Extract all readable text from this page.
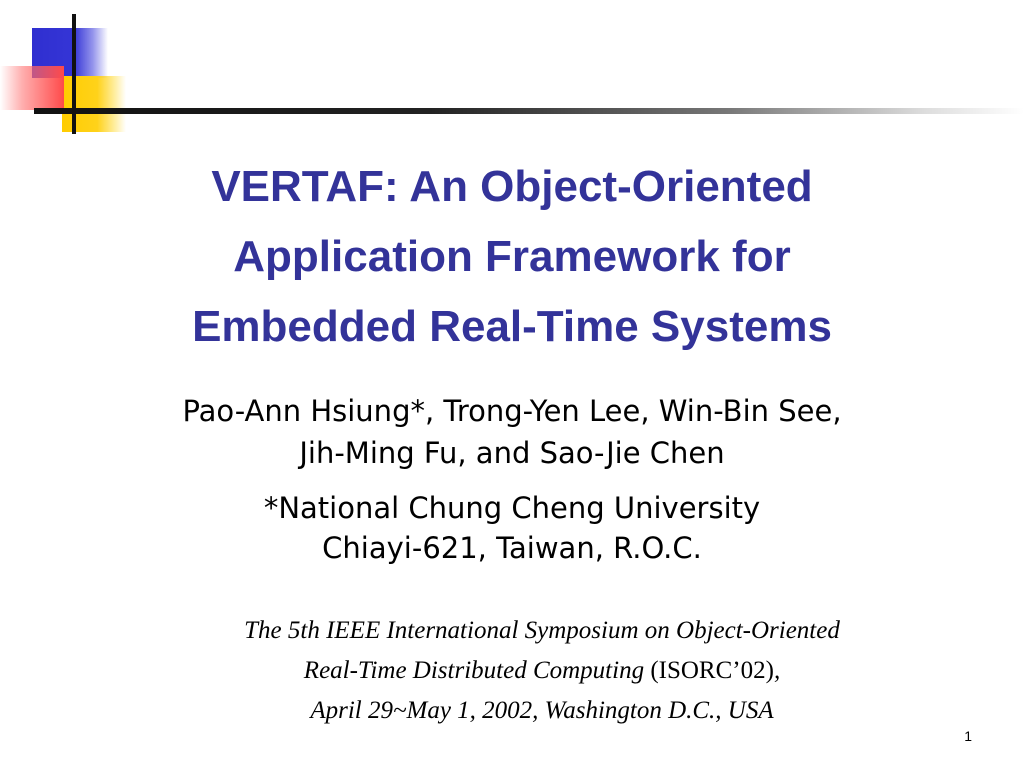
VERTAF: An Object-Oriented
Application Framework for
Embedded Real-Time Systems
Pao-Ann Hsiung*, Trong-Yen Lee, Win-Bin See,
Jih-Ming Fu, and Sao-Jie Chen
*National Chung Cheng University
Chiayi-621, Taiwan, R.O.C.
The 5th IEEE International Symposium on Object-Oriented
Real-Time Distributed Computing (ISORC’02),
April 29~May 1, 2002, Washington D.C., USA
1
